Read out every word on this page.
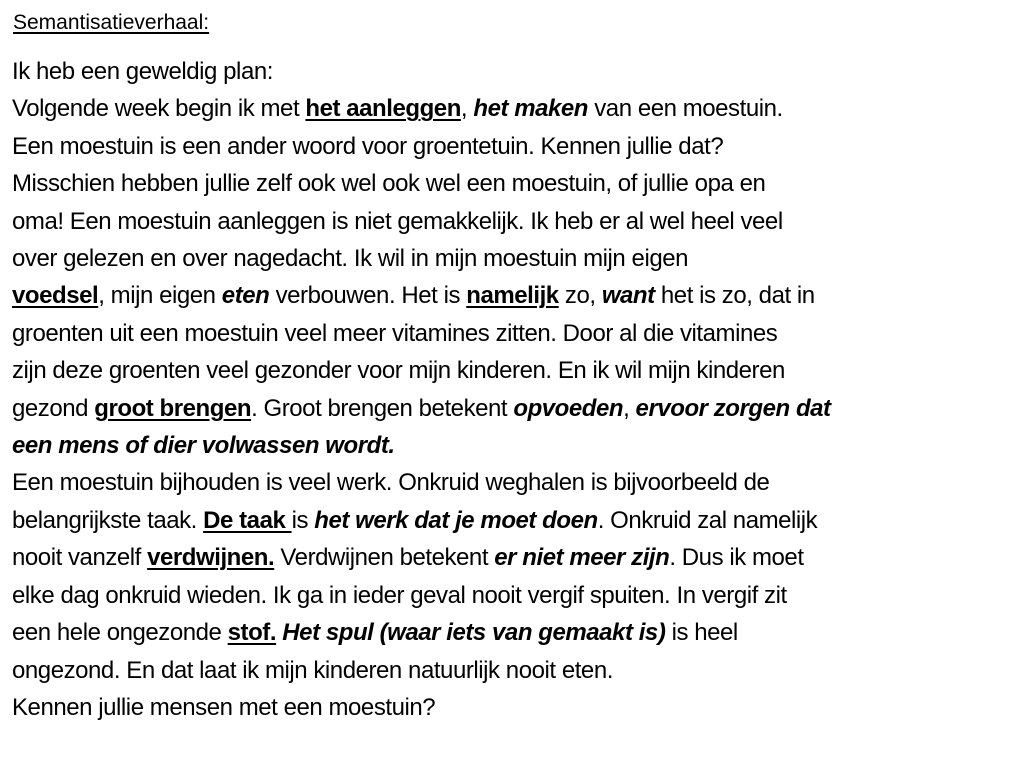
Semantisatieverhaal:
Ik heb een geweldig plan:
Volgende week begin ik met het aanleggen, het maken van een moestuin.
Een moestuin is een ander woord voor groentetuin. Kennen jullie dat?
Misschien hebben jullie zelf ook wel ook wel een moestuin, of jullie opa en
oma! Een moestuin aanleggen is niet gemakkelijk. Ik heb er al wel heel veel
over gelezen en over nagedacht. Ik wil in mijn moestuin mijn eigen
voedsel, mijn eigen eten verbouwen. Het is namelijk zo, want het is zo, dat in
groenten uit een moestuin veel meer vitamines zitten. Door al die vitamines
zijn deze groenten veel gezonder voor mijn kinderen. En ik wil mijn kinderen
gezond groot brengen. Groot brengen betekent opvoeden, ervoor zorgen dat
een mens of dier volwassen wordt.
Een moestuin bijhouden is veel werk. Onkruid weghalen is bijvoorbeeld de
belangrijkste taak. De taak is het werk dat je moet doen. Onkruid zal namelijk
nooit vanzelf verdwijnen. Verdwijnen betekent er niet meer zijn. Dus ik moet
elke dag onkruid wieden. Ik ga in ieder geval nooit vergif spuiten. In vergif zit
een hele ongezonde stof. Het spul (waar iets van gemaakt is) is heel
ongezond. En dat laat ik mijn kinderen natuurlijk nooit eten.
Kennen jullie mensen met een moestuin?
